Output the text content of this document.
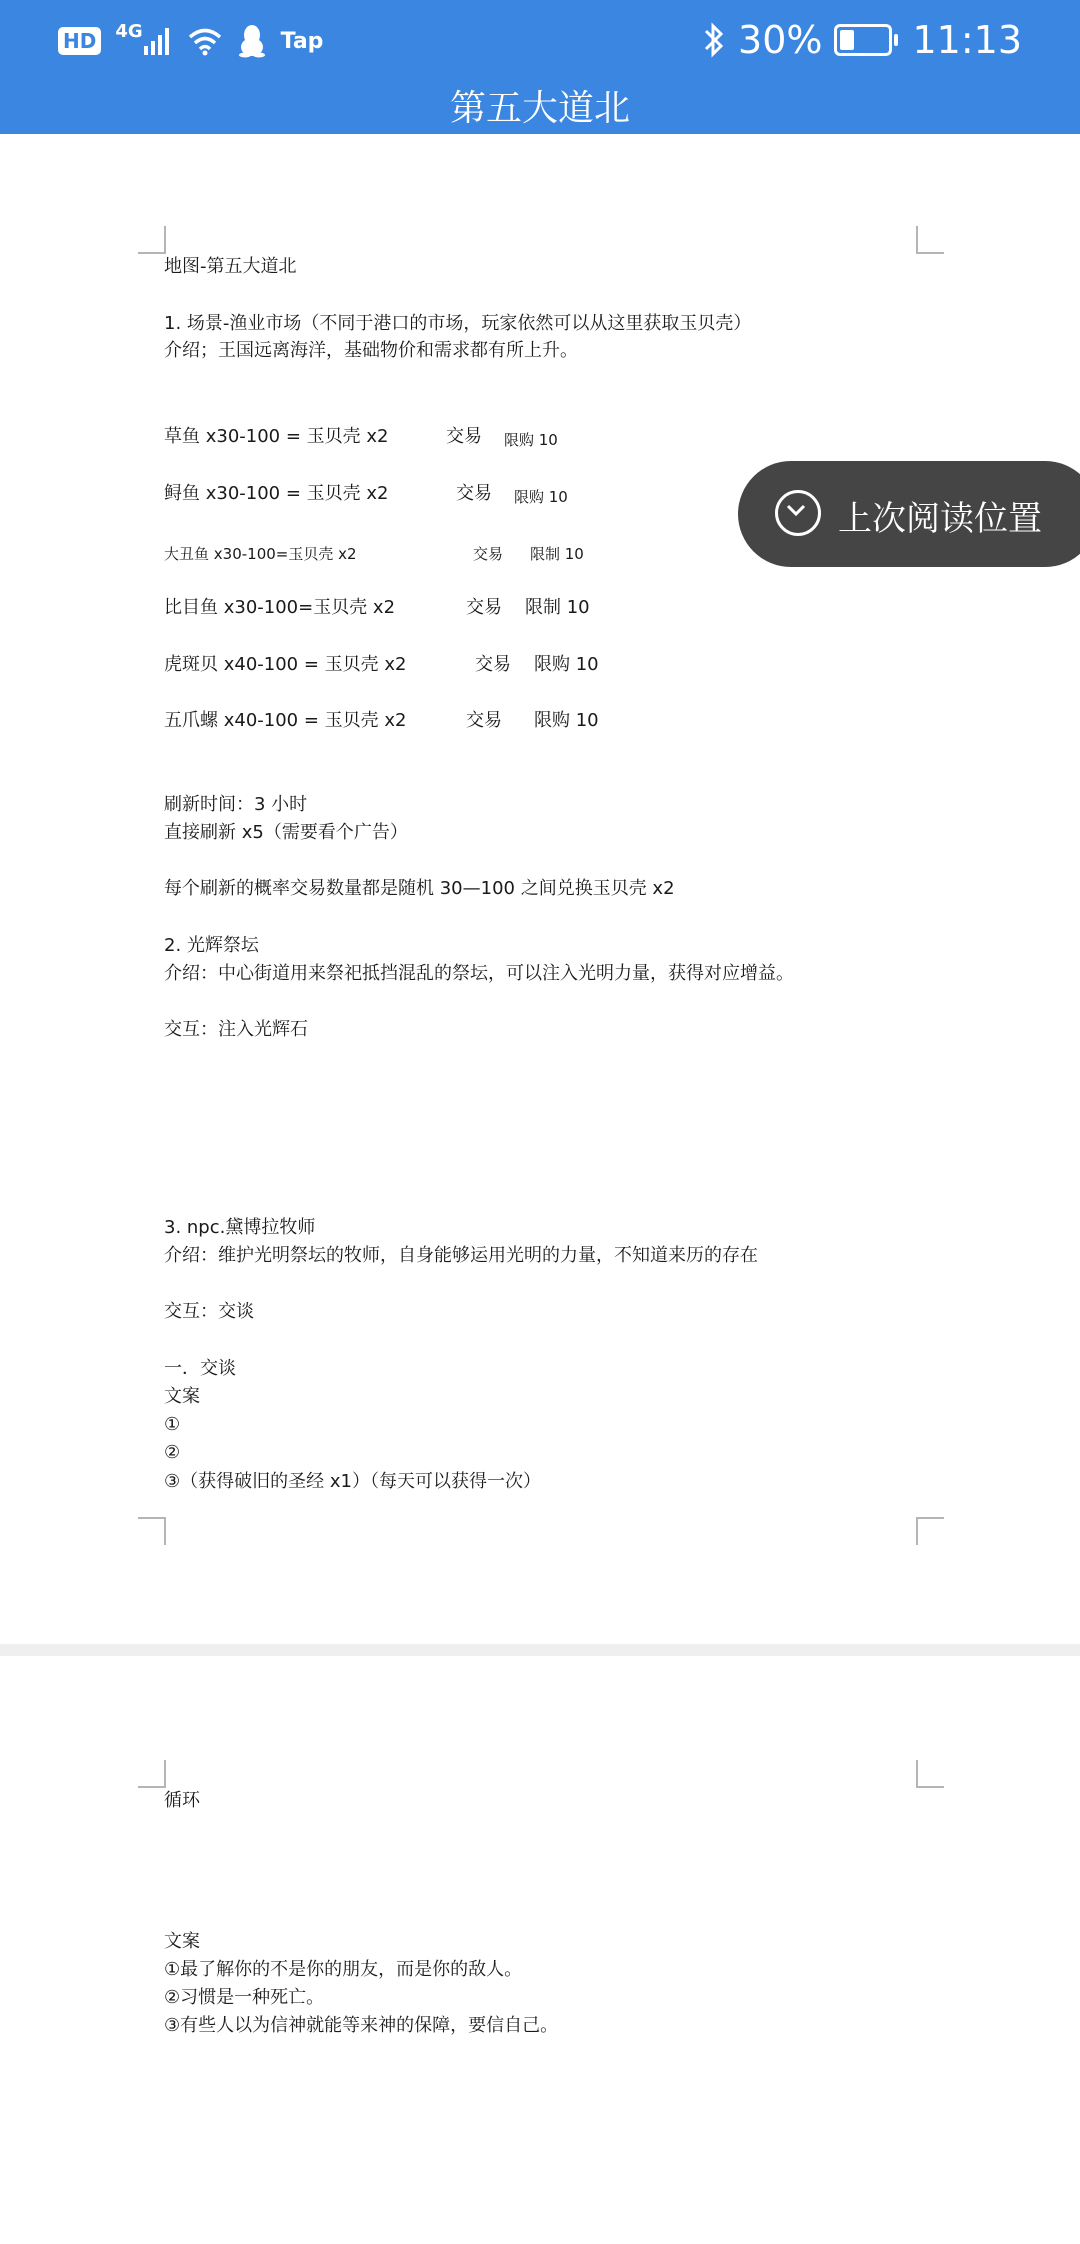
HD 4G	Tap	30% 11:13
第五大道北
地图-第五大道北
1. 场景-渔业市场（不同于港口的市场，玩家依然可以从这里获取玉贝壳）
介绍；王国远离海洋，基础物价和需求都有所上升。
草鱼 x30-100 = 玉贝壳 x2	交易 限购 10
鲟鱼 x30-100 = 玉贝壳 x2	交易 限购 10
大丑鱼 x30-100=玉贝壳 x2	交易 限制 10
比目鱼 x30-100=玉贝壳 x2	交易 限制 10
虎斑贝 x40-100 = 玉贝壳 x2	交易 限购 10
五爪螺 x40-100 = 玉贝壳 x2	交易 限购 10
刷新时间：3 小时
直接刷新 x5（需要看个广告）
每个刷新的概率交易数量都是随机 30—100 之间兑换玉贝壳 x2
2. 光辉祭坛
介绍：中心街道用来祭祀抵挡混乱的祭坛，可以注入光明力量，获得对应增益。
交互：注入光辉石
3. npc.黛博拉牧师
介绍：维护光明祭坛的牧师，自身能够运用光明的力量，不知道来历的存在
交互：交谈
一．交谈
文案
①
②
③（获得破旧的圣经 x1）（每天可以获得一次）
循环
文案
①最了解你的不是你的朋友，而是你的敌人。
②习惯是一种死亡。
③有些人以为信神就能等来神的保障，要信自己。
上次阅读位置
